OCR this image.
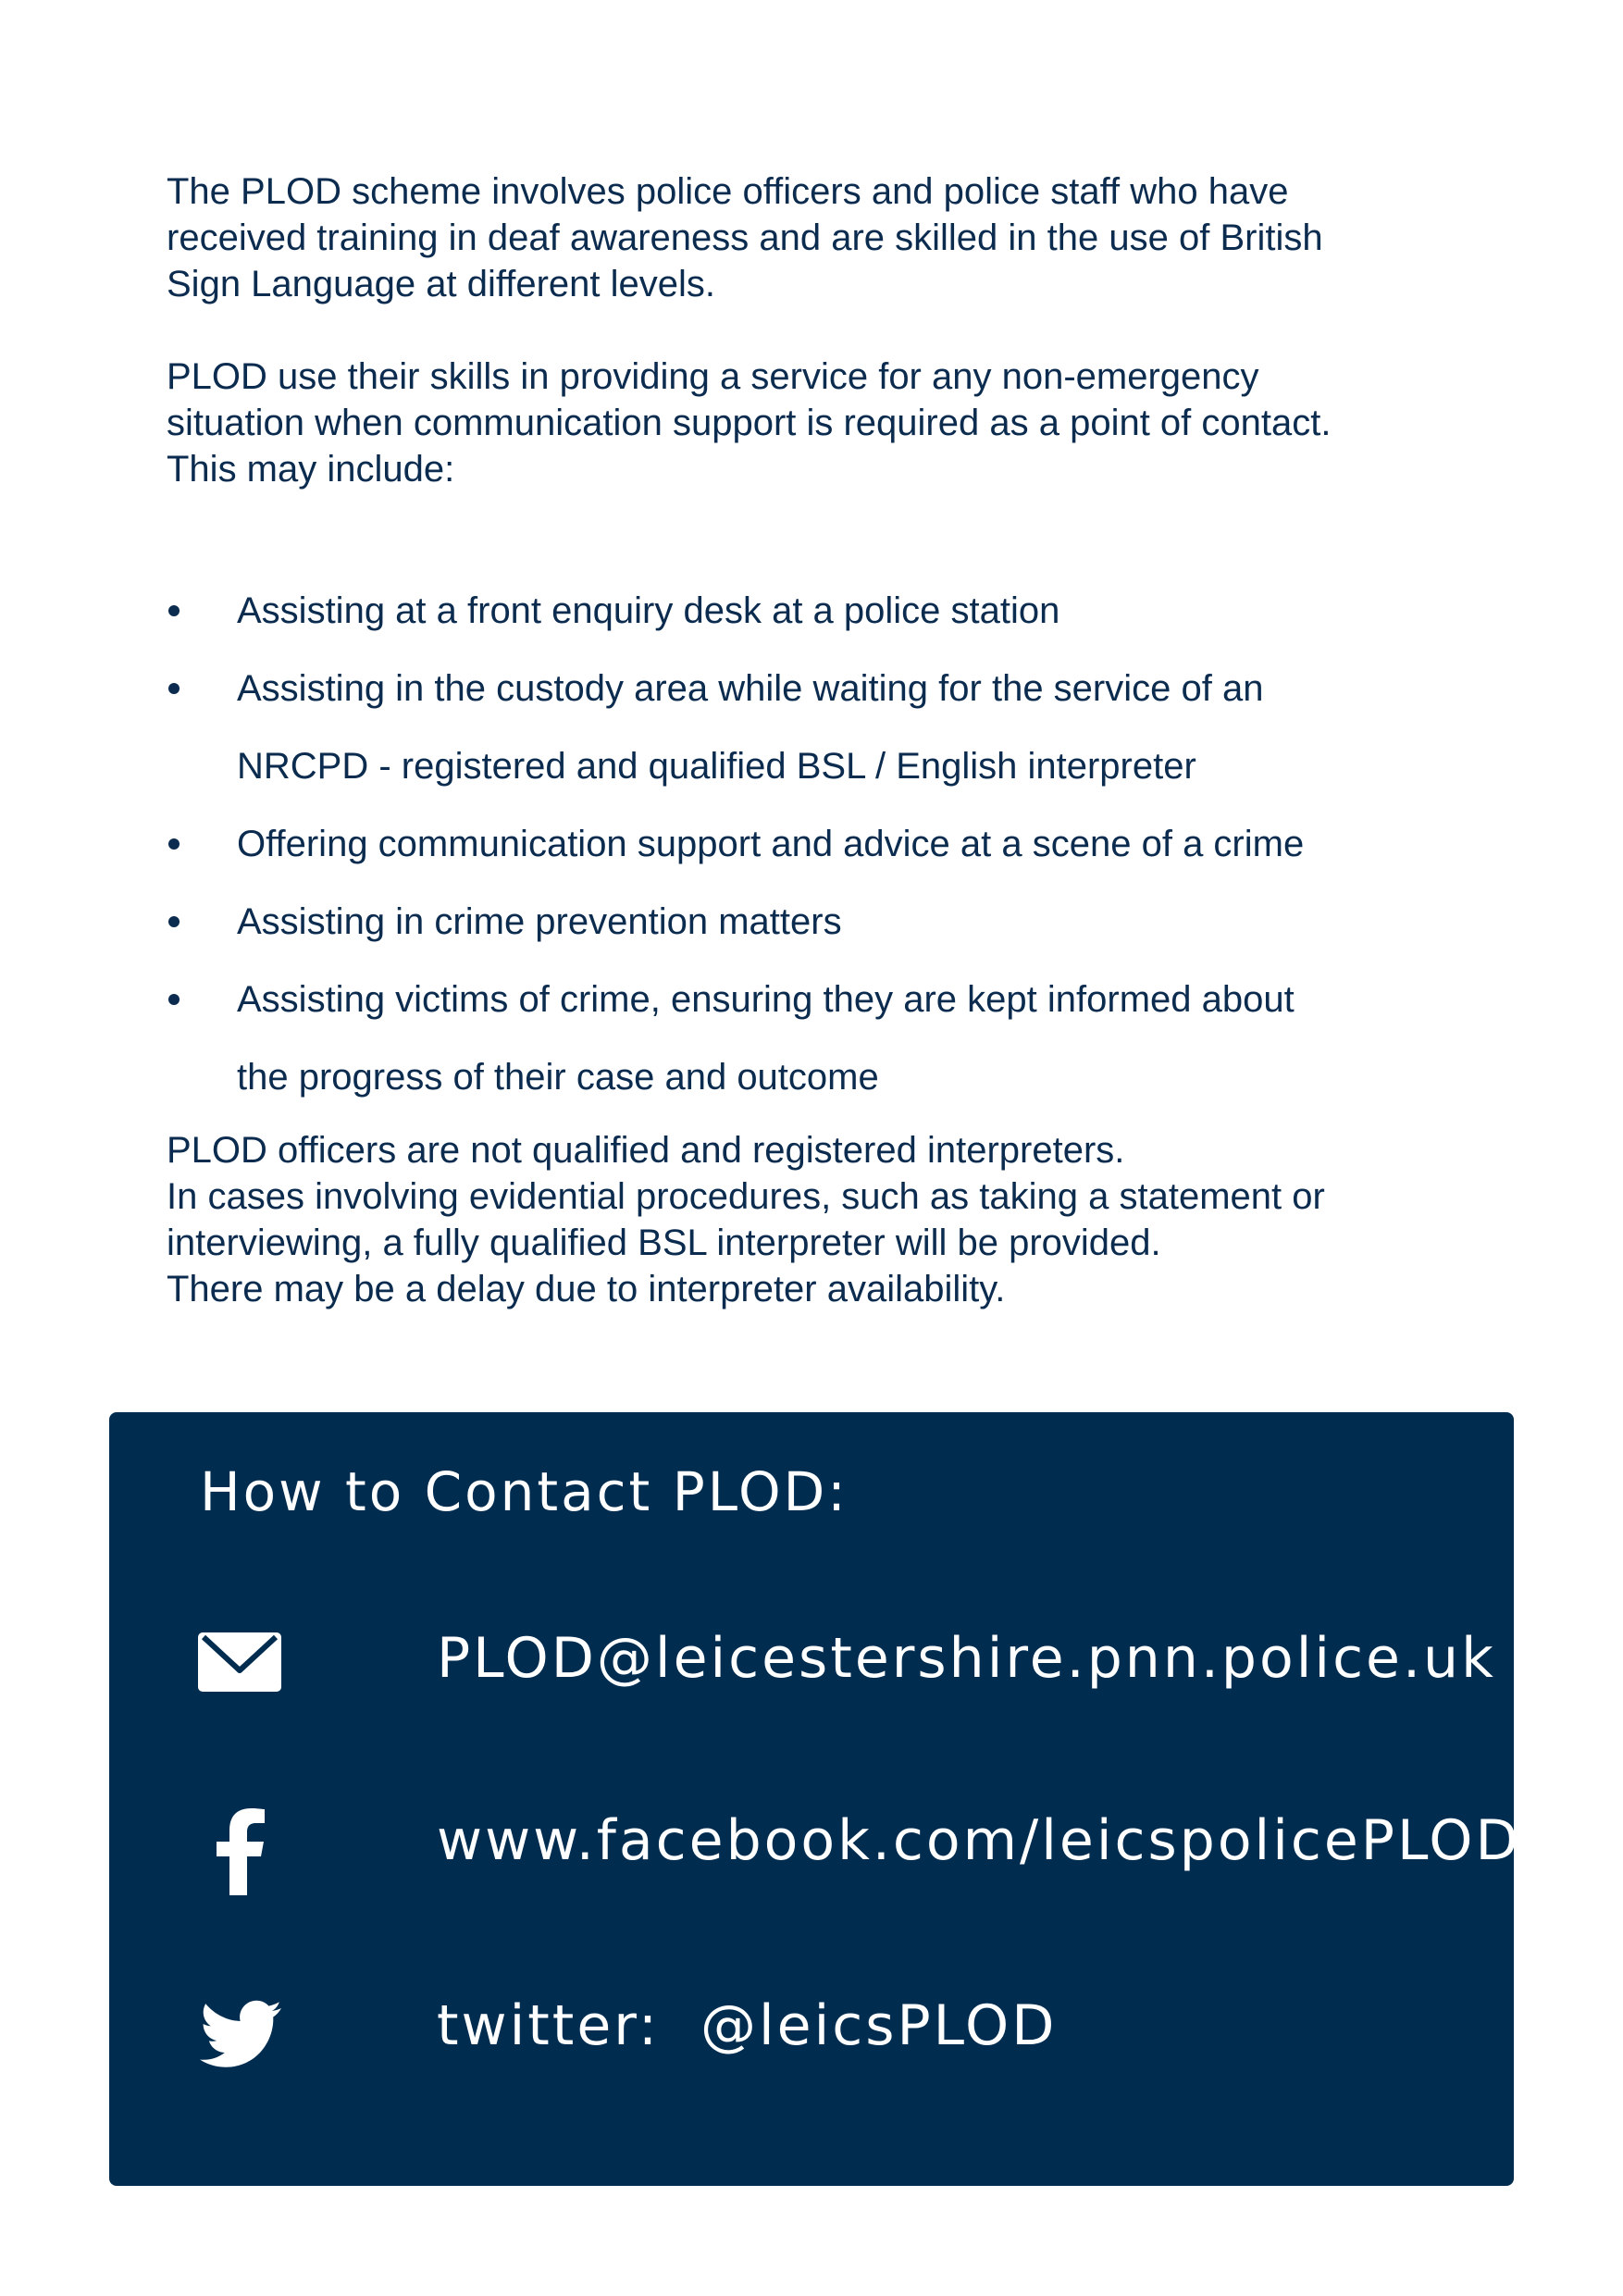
The PLOD scheme involves police officers and police staff who have
received training in deaf awareness and are skilled in the use of British
Sign Language at different levels.

PLOD use their skills in providing a service for any non-emergency
situation when communication support is required as a point of contact.
This may include:

Assisting at a front enquiry desk at a police station
Assisting in the custody area while waiting for the service of an
NRCPD - registered and qualified BSL / English interpreter
Offering communication support and advice at a scene of a crime
Assisting in crime prevention matters
Assisting victims of crime, ensuring they are kept informed about
the progress of their case and outcome

PLOD officers are not qualified and registered interpreters.
In cases involving evidential procedures, such as taking a statement or
interviewing, a fully qualified BSL interpreter will be provided.
There may be a delay due to interpreter availability.

How to Contact PLOD:
PLOD@leicestershire.pnn.police.uk
www.facebook.com/leicspolicePLOD
twitter: @leicsPLOD
